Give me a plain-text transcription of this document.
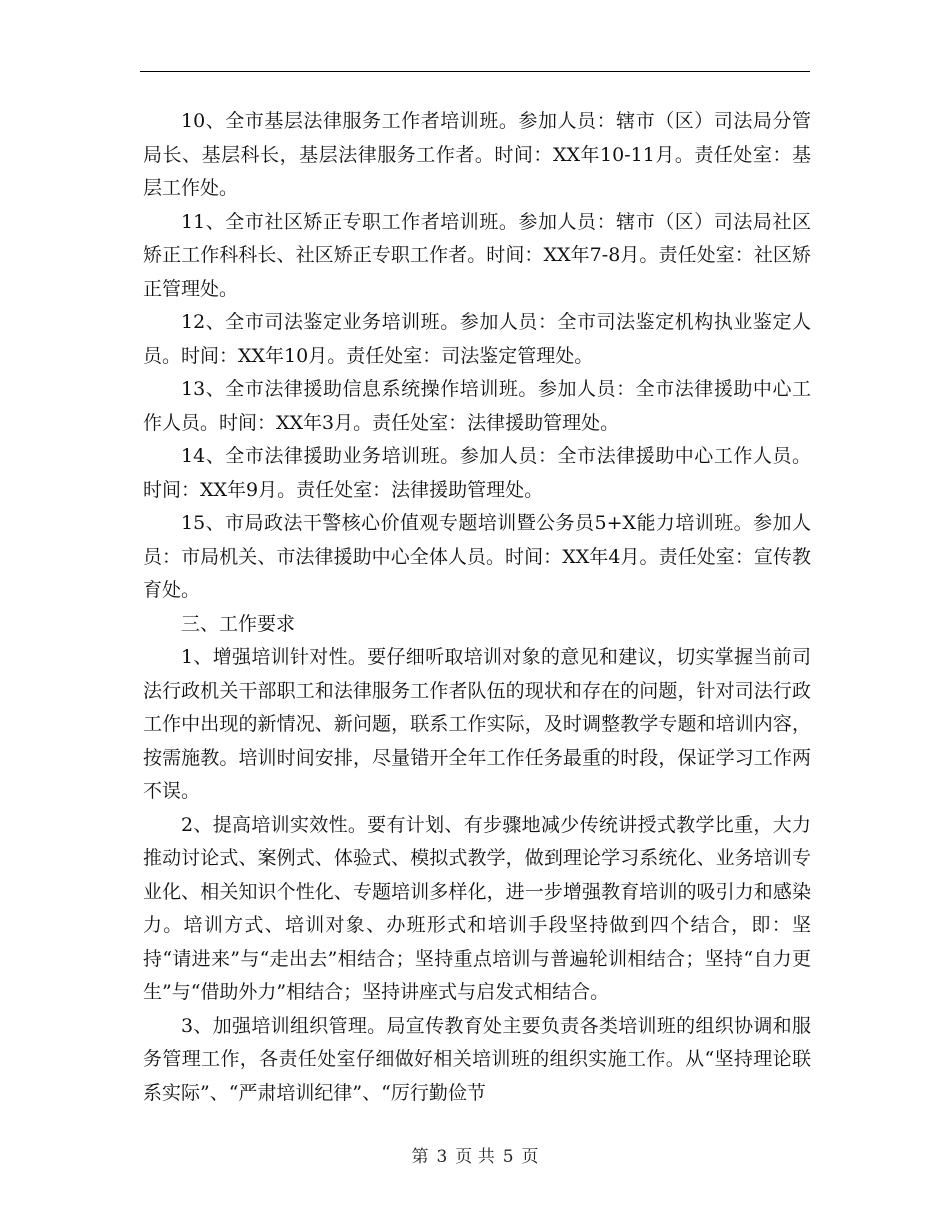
10、全市基层法律服务工作者培训班。参加人员：辖市（区）司法局分管局长、基层科长，基层法律服务工作者。时间：XX年10-11月。责任处室：基层工作处。

11、全市社区矫正专职工作者培训班。参加人员：辖市（区）司法局社区矫正工作科科长、社区矫正专职工作者。时间：XX年7-8月。责任处室：社区矫正管理处。

12、全市司法鉴定业务培训班。参加人员：全市司法鉴定机构执业鉴定人员。时间：XX年10月。责任处室：司法鉴定管理处。

13、全市法律援助信息系统操作培训班。参加人员：全市法律援助中心工作人员。时间：XX年3月。责任处室：法律援助管理处。

14、全市法律援助业务培训班。参加人员：全市法律援助中心工作人员。时间：XX年9月。责任处室：法律援助管理处。

15、市局政法干警核心价值观专题培训暨公务员5+X能力培训班。参加人员：市局机关、市法律援助中心全体人员。时间：XX年4月。责任处室：宣传教育处。

三、工作要求

1、增强培训针对性。要仔细听取培训对象的意见和建议，切实掌握当前司法行政机关干部职工和法律服务工作者队伍的现状和存在的问题，针对司法行政工作中出现的新情况、新问题，联系工作实际，及时调整教学专题和培训内容，按需施教。培训时间安排，尽量错开全年工作任务最重的时段，保证学习工作两不误。

2、提高培训实效性。要有计划、有步骤地减少传统讲授式教学比重，大力推动讨论式、案例式、体验式、模拟式教学，做到理论学习系统化、业务培训专业化、相关知识个性化、专题培训多样化，进一步增强教育培训的吸引力和感染力。培训方式、培训对象、办班形式和培训手段坚持做到四个结合，即：坚持“请进来”与“走出去”相结合；坚持重点培训与普遍轮训相结合；坚持“自力更生”与“借助外力”相结合；坚持讲座式与启发式相结合。

3、加强培训组织管理。局宣传教育处主要负责各类培训班的组织协调和服务管理工作，各责任处室仔细做好相关培训班的组织实施工作。从“坚持理论联系实际”、“严肃培训纪律”、“厉行勤俭节

第 3 页 共 5 页
